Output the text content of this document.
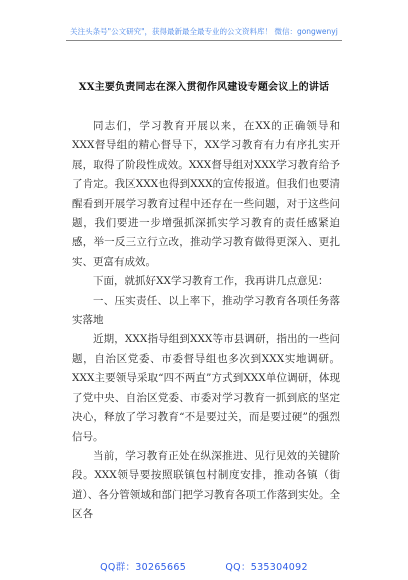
关注头条号"公文研究"，获得最新最全最专业的公文资料库！ 微信：gongwenyj
XX主要负责同志在深入贯彻作风建设专题会议上的讲话

同志们，学习教育开展以来，在XX的正确领导和XXX督导组的精心督导下，XX学习教育有力有序扎实开展，取得了阶段性成效。XXX督导组对XXX学习教育给予了肯定。我区XXX也得到XXX的宣传报道。但我们也要清醒看到开展学习教育过程中还存在一些问题，对于这些问题，我们要进一步增强抓深抓实学习教育的责任感紧迫感，举一反三立行立改，推动学习教育做得更深入、更扎实、更富有成效。

下面，就抓好XX学习教育工作，我再讲几点意见：

一、压实责任、以上率下，推动学习教育各项任务落实落地

近期，XXX指导组到XXX等市县调研，指出的一些问题，自治区党委、市委督导组也多次到XXX实地调研。XXX主要领导采取“四不两直”方式到XXX单位调研，体现了党中央、自治区党委、市委对学习教育一抓到底的坚定决心，释放了学习教育“不是要过关，而是要过硬”的强烈信号。

当前，学习教育正处在纵深推进、见行见效的关键阶段。XXX领导要按照联镇包村制度安排，推动各镇（街道）、各分管领域和部门把学习教育各项工作落到实处。全区各

QQ群：30265665	QQ：535304092
